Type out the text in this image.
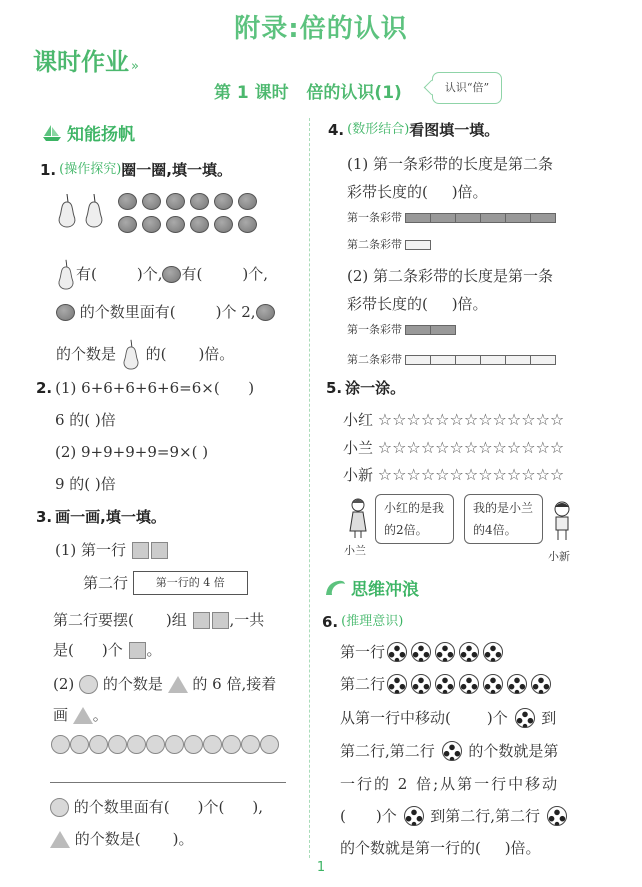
附录:倍的认识
课时作业 »
第 1 课时   倍的认识(1)	认识“倍”
知能扬帆
1. (操作探究) 圈一圈,填一填。

有(	)个, 有(	)个,

的个数里面有(	)个 2,
的个数是

的( )倍。
2. (1) 6+6+6+6+6=6×(      )
6 的( )倍
(2) 9+9+9+9=9×( )
9 的( )倍
3. 画一画,填一填。
(1) 第一行

第二行
	第一行的 4 倍
第二行要摆( )组
	,一共
是( )个
。
(2)

的个数是

的 6 倍,接着
画
。

的个数里面有( )个( ),

的个数是( )。
4. (数形结合) 看图填一填。
(1) 第一条彩带的长度是第二条
彩带长度的(     )倍。
第一条彩带
第二条彩带
(2) 第二条彩带的长度是第一条
彩带长度的(     )倍。
第一条彩带
第二条彩带
5. 涂一涂。
小红
☆☆☆☆☆☆☆☆☆☆☆☆☆
小兰
☆☆☆☆☆☆☆☆☆☆☆☆☆
小新
☆☆☆☆☆☆☆☆☆☆☆☆☆
小兰
小红的是我
的2倍。
我的是小兰
的4倍。
小新
思维冲浪
6. (推理意识)
第一行
第二行
从第一行中移动( )个

到
第二行,第二行

的个数就是第
一行的 2 倍;从第一行中移动
( )个

到第二行,第二行

的个数就是第一行的(     )倍。
1
